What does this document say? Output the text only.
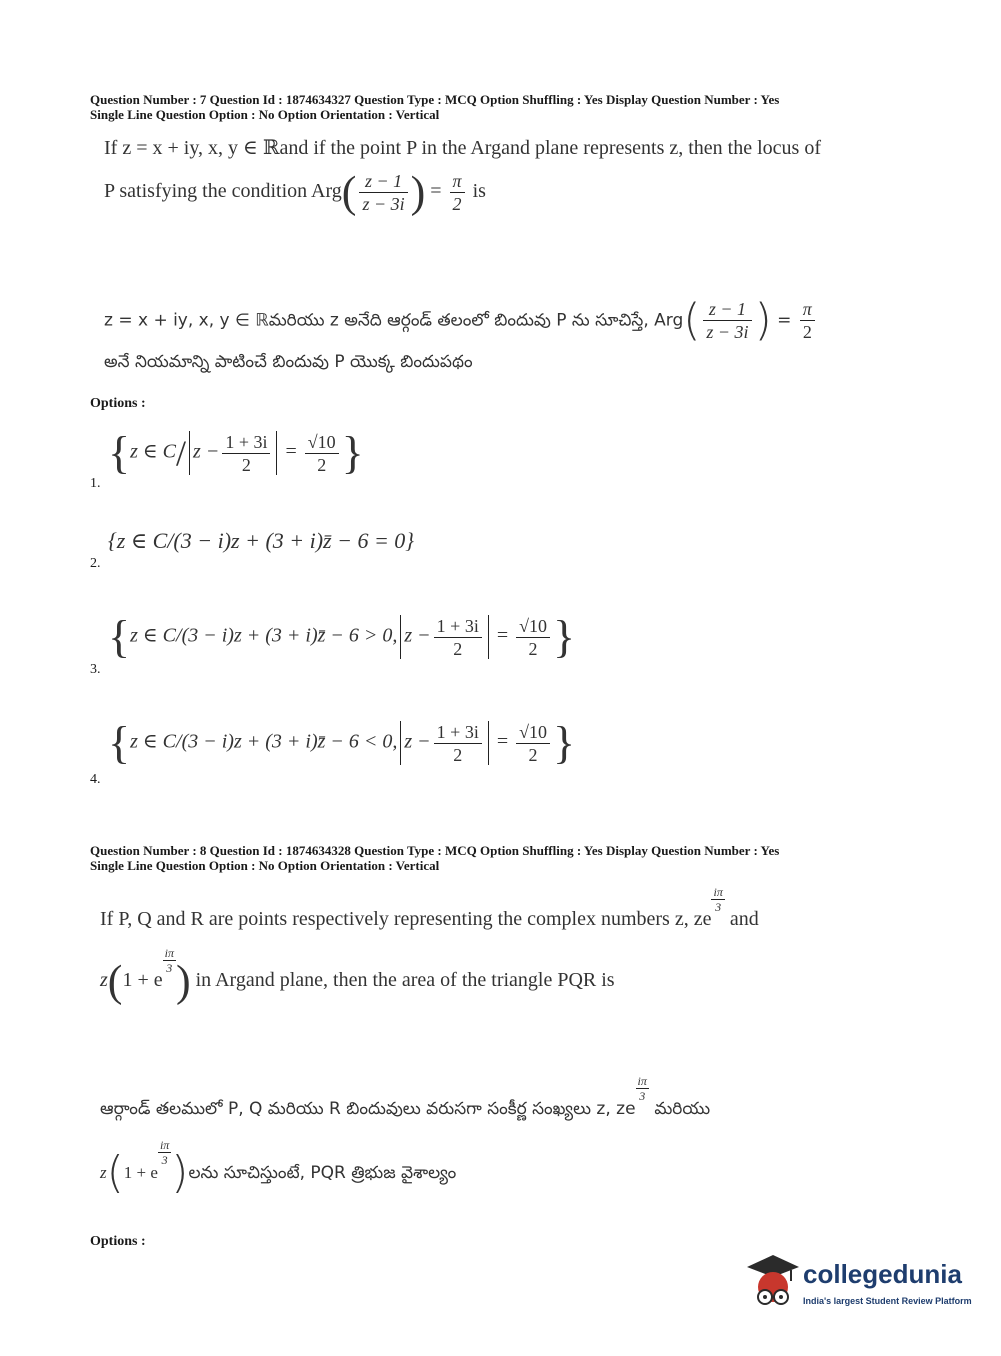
Question Number : 7 Question Id : 1874634327 Question Type : MCQ Option Shuffling : Yes Display Question Number : Yes
Single Line Question Option : No Option Orientation : Vertical
If z = x + iy, x, y ∈ ℝand if the point P in the Argand plane represents z, then the locus of
P satisfying the condition $Arg( \frac{z - 1}{z - 3i}$ ) = $\frac{\pi}{2}$ is
z = x + iy, x, y ∈ ℝమరియు z అనేది ఆర్గండ్ తలంలో బిందువు P ను సూచిస్తే, $Arg( \frac{z - 1}{z - 3i}$ ) = $\frac{\pi}{2}$
అనే నియమాన్ని పాటించే బిందువు P యొక్క బిందుపథం
Options :
1.
{z ∈ C/ $z - \frac{1 + 3i}{2} = \frac{√10}{2}$ }
2.
{z ∈ C/(3 − i)z + (3 + i)z̄ − 6 = 0}
3.
{z ∈ C/(3 − i)z + (3 + i)z̄ − 6 > 0, $z - \frac{1 + 3i}{2} = \frac{√10}{2}$ }
4.
{z ∈ C/(3 − i)z + (3 + i)z̄ − 6 < 0, $z - \frac{1 + 3i}{2} = \frac{√10}{2}$ }
Question Number : 8 Question Id : 1874634328 Question Type : MCQ Option Shuffling : Yes Display Question Number : Yes
Single Line Question Option : No Option Orientation : Vertical
If P, Q and R are points respectively representing the complex numbers z, ze
$\frac{i\pi}{3}$
and
z(1 + e
$\frac{i\pi}{3}$ ) in Argand plane, then the area of the triangle PQR is
ఆర్గాండ్ తలములో P, Q మరియు R బిందువులు వరుసగా సంకీర్ణ సంఖ్యలు z, ze
$\frac{i\pi}{3}$
మరియు
z(1 + e
$\frac{i\pi}{3}$ )లను సూచిస్తుంటే, PQR త్రిభుజ వైశాల్యం
Options :
collegedunia
India's largest Student Review Platform
